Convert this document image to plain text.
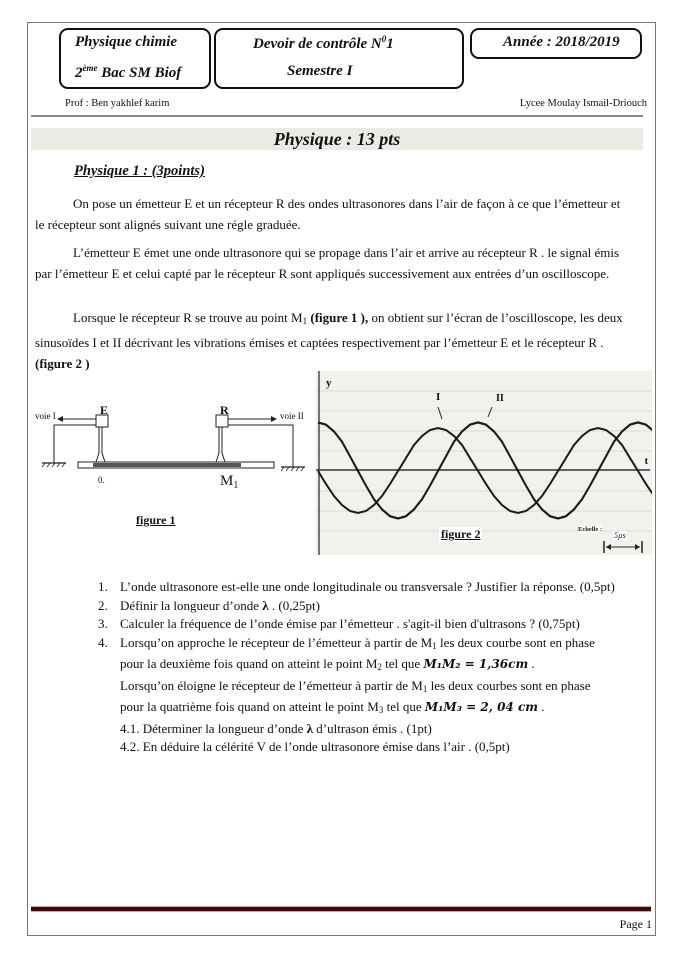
Physique chimie
2ème Bac SM Biof
Devoir de contrôle $N^01$
Semestre I
Année : 2018/2019
Prof : Ben yakhlef karim	Lycee Moulay Ismail-Driouch
Physique : 13 pts
Physique 1 : (3points)
On pose un émetteur E et un récepteur R des ondes ultrasonores dans l’air de façon à ce que l’émetteur et le récepteur sont alignés suivant une régle graduée.
L’émetteur E émet une onde ultrasonore qui se propage dans l’air et arrive au récepteur R . le signal émis par l’émetteur E et celui capté par le récepteur R sont appliqués successivement aux entrées d’un oscilloscope.
Lorsque le récepteur R se trouve au point $M_1$ (figure 1 ), on obtient sur l’écran de l’oscilloscope, les deux sinusoïdes I et II décrivant les vibrations émises et captées respectivement par l’émetteur E et le récepteur R . (figure 2 )
E	R
voie I	voie II
0.	$M_1$
figure 1
y
t
I	II
Echelle :
5µs
figure 2
1. L’onde ultrasonore est-elle une onde longitudinale ou transversale ? Justifier la réponse. (0,5pt)
2. Définir la longueur d’onde λ . (0,25pt)
3. Calculer la fréquence de l’onde émise par l’émetteur . s'agit-il bien d'ultrasons ? (0,75pt)
4. Lorsqu’on approche le récepteur de l’émetteur à partir de $M_1$ les deux courbe sont en phase
pour la deuxième fois quand on atteint le point $M_2$ tel que M₁M₂ = 1,36cm .
Lorsqu’on éloigne le récepteur de l’émetteur à partir de $M_1$ les deux courbes sont en phase
pour la quatrième fois quand on atteint le point $M_3$ tel que M₁M₃ = 2, 04 cm .
4.1. Déterminer la longueur d’onde λ d’ultrason émis . (1pt)
4.2. En déduire la célérité V de l’onde ultrasonore émise dans l’air . (0,5pt)
Page 1
